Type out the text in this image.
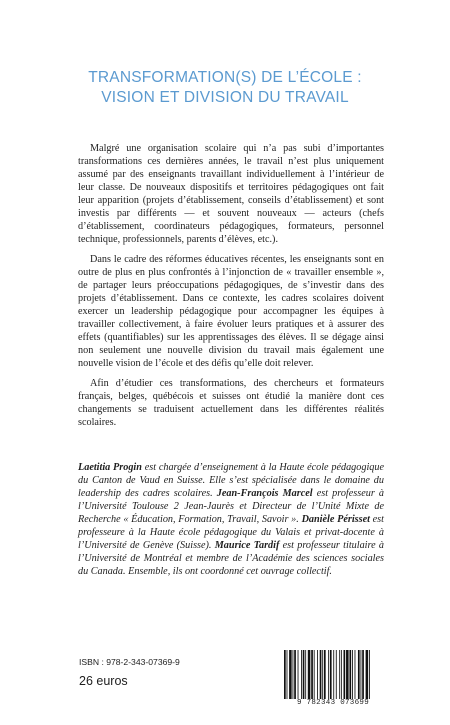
TRANSFORMATION(S) DE L’ÉCOLE :
VISION ET DIVISION DU TRAVAIL

Malgré une organisation scolaire qui n’a pas subi d’importantes transformations ces dernières années, le travail n’est plus uniquement assumé par des enseignants travaillant individuellement à l’intérieur de leur classe. De nouveaux dispositifs et territoires pédagogiques ont fait leur apparition (projets d’établissement, conseils d’établissement) et sont investis par différents — et souvent nouveaux — acteurs (chefs d’établissement, coordinateurs pédagogiques, formateurs, personnel technique, professionnels, parents d’élèves, etc.).

Dans le cadre des réformes éducatives récentes, les enseignants sont en outre de plus en plus confrontés à l’injonction de « travailler ensemble », de partager leurs préoccupations pédagogiques, de s’investir dans des projets d’établissement. Dans ce contexte, les cadres scolaires doivent exercer un leadership pédagogique pour accompagner les équipes à travailler collectivement, à faire évoluer leurs pratiques et à assurer des effets (quantifiables) sur les apprentissages des élèves. Il se dégage ainsi non seulement une nouvelle division du travail mais également une nouvelle vision de l’école et des défis qu’elle doit relever.

Afin d’étudier ces transformations, des chercheurs et formateurs français, belges, québécois et suisses ont étudié la manière dont ces changements se traduisent actuellement dans les différentes réalités scolaires.

Laetitia Progin est chargée d’enseignement à la Haute école pédagogique du Canton de Vaud en Suisse. Elle s’est spécialisée dans le domaine du leadership des cadres scolaires. Jean-François Marcel est professeur à l’Université Toulouse 2 Jean-Jaurès et Directeur de l’Unité Mixte de Recherche « Éducation, Formation, Travail, Savoir ». Danièle Périsset est professeure à la Haute école pédagogique du Valais et privat-docente à l’Université de Genève (Suisse). Maurice Tardif est professeur titulaire à l’Université de Montréal et membre de l’Académie des sciences sociales du Canada. Ensemble, ils ont coordonné cet ouvrage collectif.
ISBN : 978-2-343-07369-9
26 euros
9 782343 073699
